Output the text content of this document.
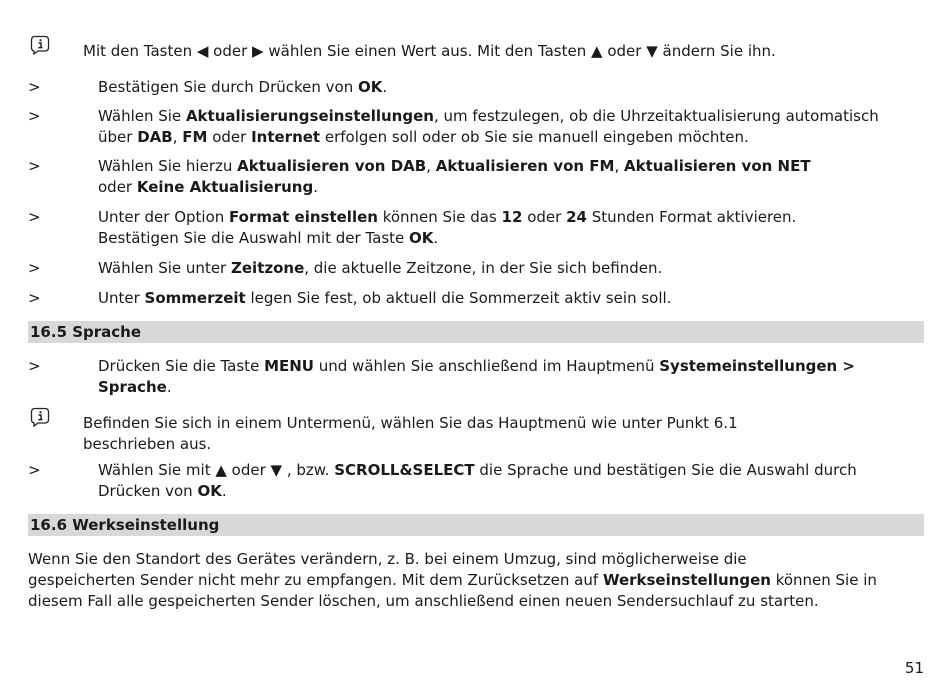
Mit den Tasten ◀ oder ▶ wählen Sie einen Wert aus. Mit den Tasten ▲ oder ▼ ändern Sie ihn.
>	Bestätigen Sie durch Drücken von OK.
>	Wählen Sie Aktualisierungseinstellungen, um festzulegen, ob die Uhrzeitaktualisierung automatisch
über DAB, FM oder Internet erfolgen soll oder ob Sie sie manuell eingeben möchten.
>	Wählen Sie hierzu Aktualisieren von DAB, Aktualisieren von FM, Aktualisieren von NET
oder Keine Aktualisierung.
>	Unter der Option Format einstellen können Sie das 12 oder 24 Stunden Format aktivieren.
Bestätigen Sie die Auswahl mit der Taste OK.
>	Wählen Sie unter Zeitzone, die aktuelle Zeitzone, in der Sie sich befinden.
>	Unter Sommerzeit legen Sie fest, ob aktuell die Sommerzeit aktiv sein soll.
16.5 Sprache
>	Drücken Sie die Taste MENU und wählen Sie anschließend im Hauptmenü Systemeinstellungen >
Sprache.
Befinden Sie sich in einem Untermenü, wählen Sie das Hauptmenü wie unter Punkt 6.1
beschrieben aus.
>	Wählen Sie mit ▲ oder ▼ , bzw. SCROLL&SELECT die Sprache und bestätigen Sie die Auswahl durch
Drücken von OK.
16.6 Werkseinstellung
Wenn Sie den Standort des Gerätes verändern, z. B. bei einem Umzug, sind möglicherweise die
gespeicherten Sender nicht mehr zu empfangen. Mit dem Zurücksetzen auf Werkseinstellungen können Sie in
diesem Fall alle gespeicherten Sender löschen, um anschließend einen neuen Sendersuchlauf zu starten.
51
